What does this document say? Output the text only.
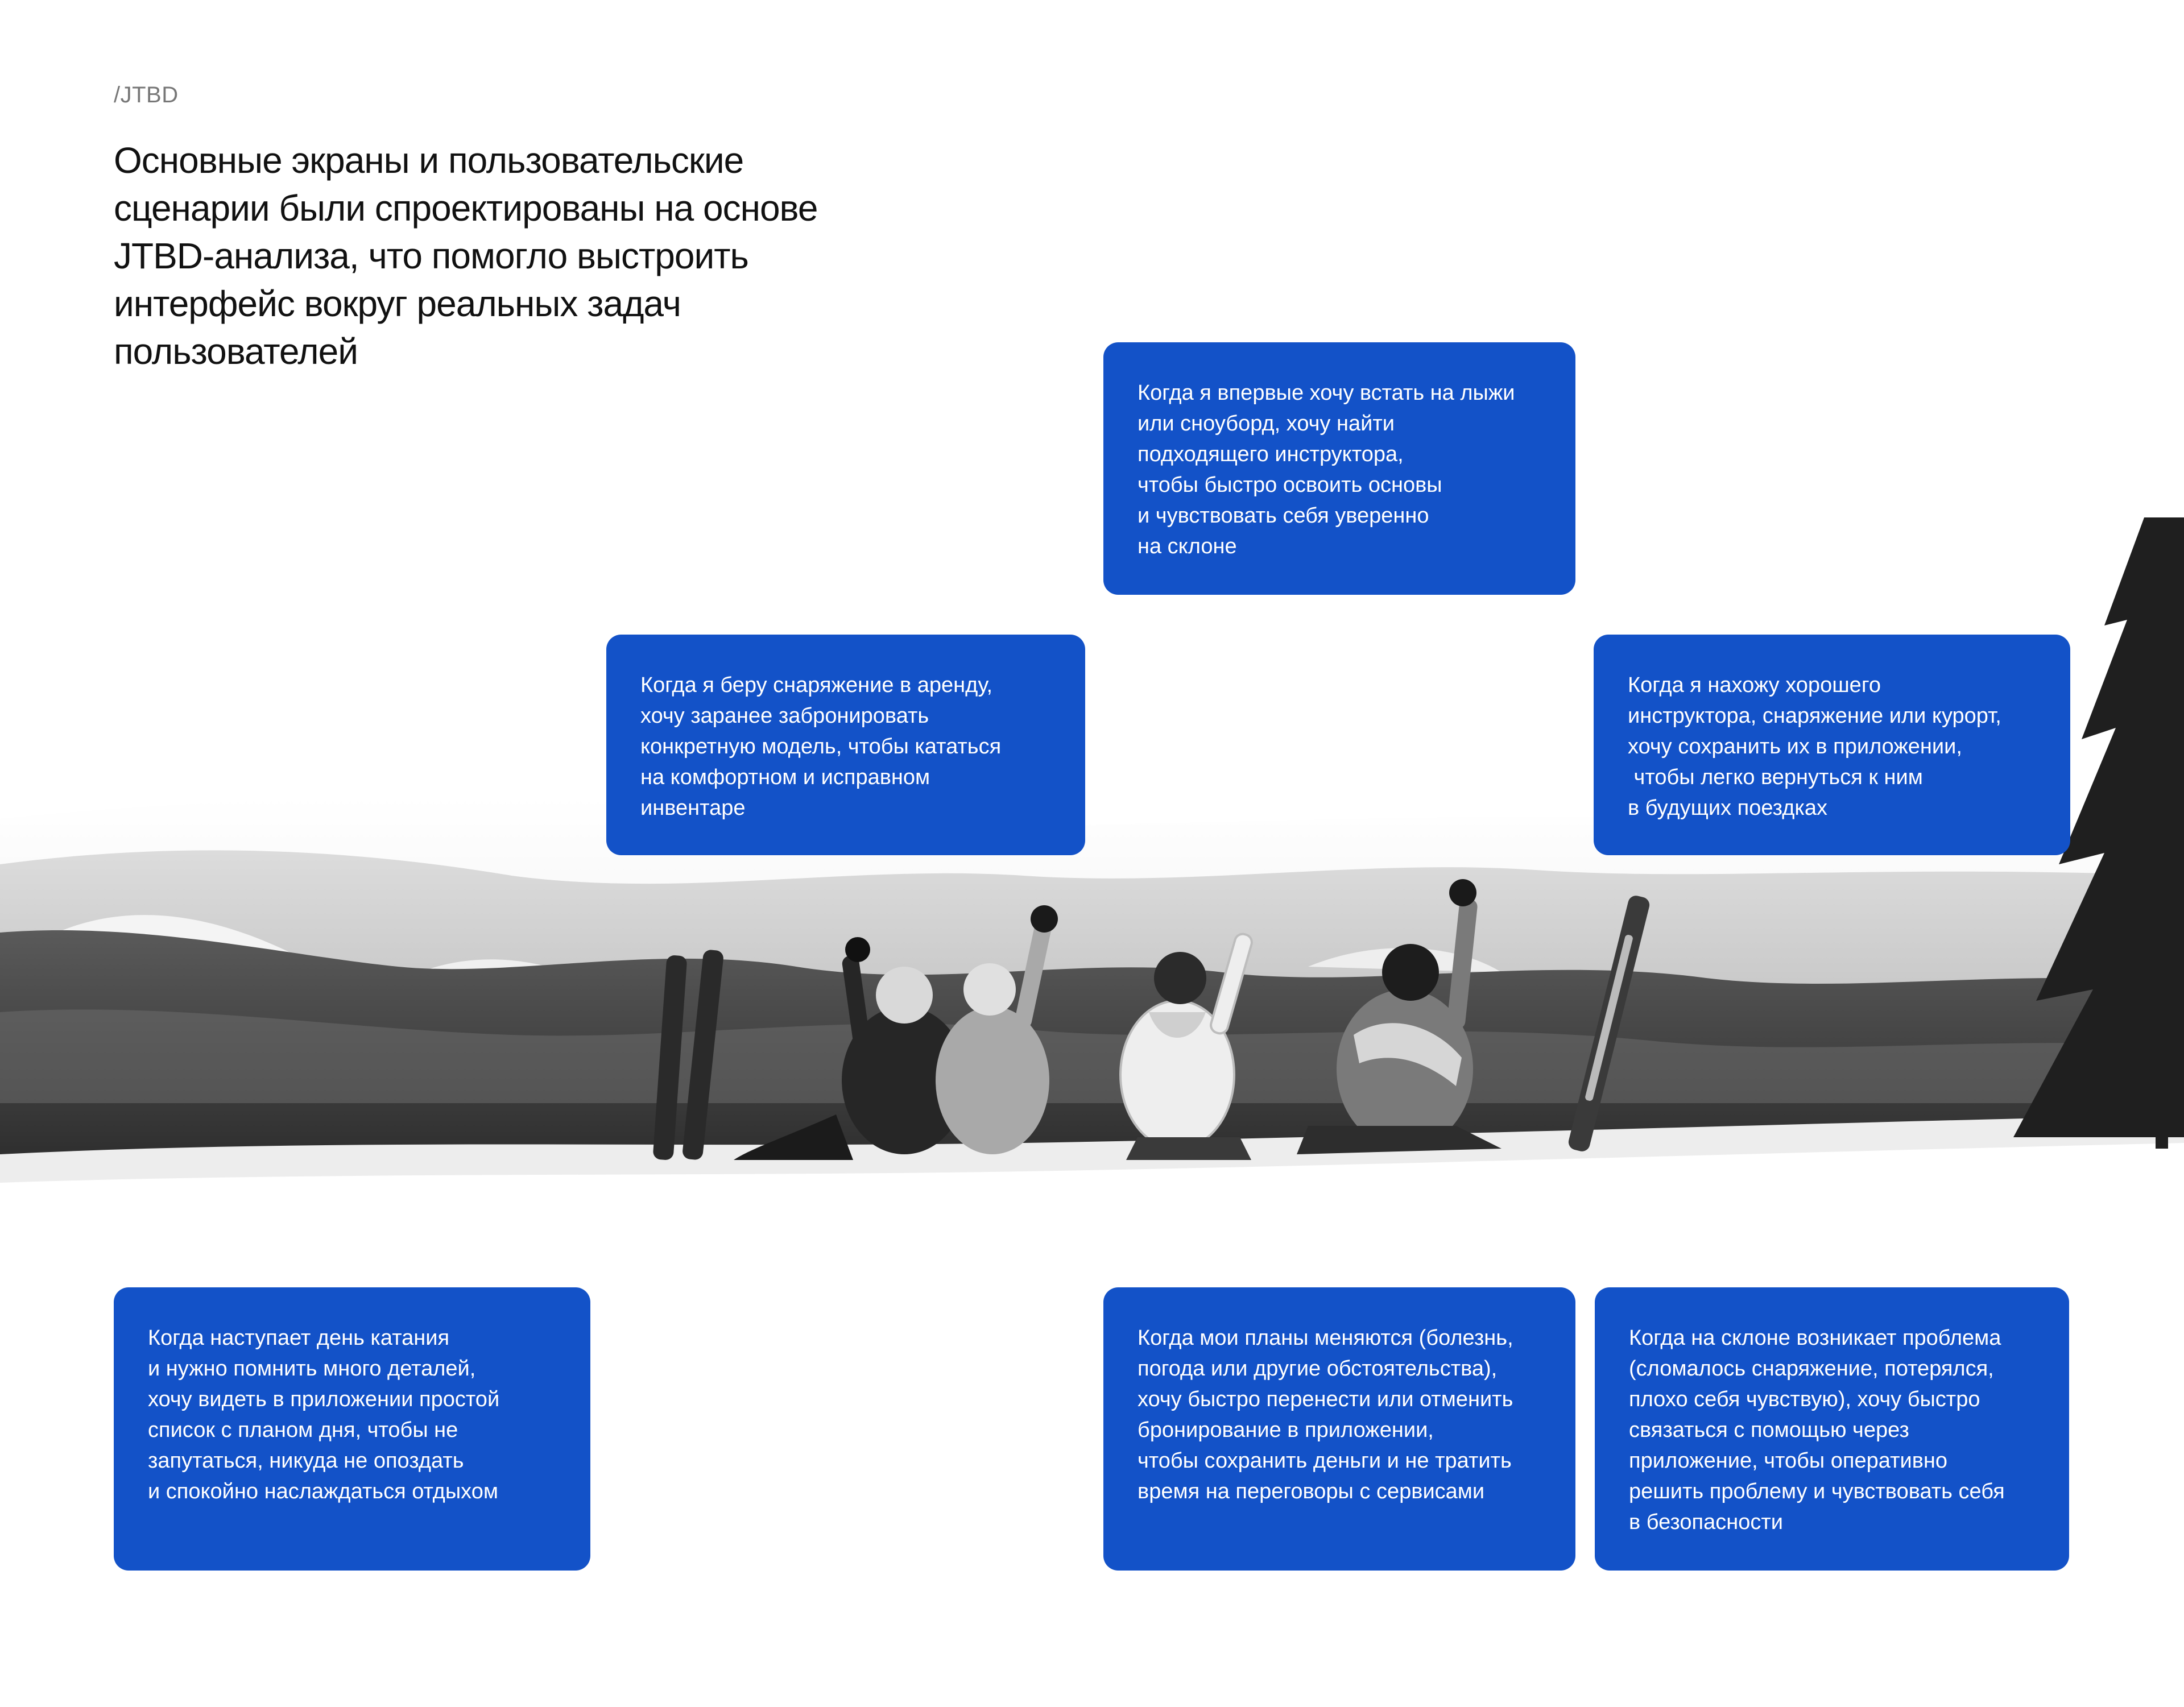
/JTBD
Основные экраны и пользовательские
сценарии были спроектированы на основе
JTBD-анализа, что помогло выстроить
интерфейс вокруг реальных задач
пользователей
Когда я впервые хочу встать на лыжи
или сноуборд, хочу найти
подходящего инструктора,
чтобы быстро освоить основы
и чувствовать себя уверенно
на склоне
Когда я беру снаряжение в аренду,
хочу заранее забронировать
конкретную модель, чтобы кататься
на комфортном и исправном
инвентаре
Когда я нахожу хорошего
инструктора, снаряжение или курорт,
хочу сохранить их в приложении,
чтобы легко вернуться к ним
в будущих поездках
Когда наступает день катания
и нужно помнить много деталей,
хочу видеть в приложении простой
список с планом дня, чтобы не
запутаться, никуда не опоздать
и спокойно наслаждаться отдыхом
Когда мои планы меняются (болезнь,
погода или другие обстоятельства),
хочу быстро перенести или отменить
бронирование в приложении,
чтобы сохранить деньги и не тратить
время на переговоры с сервисами
Когда на склоне возникает проблема
(сломалось снаряжение, потерялся,
плохо себя чувствую), хочу быстро
связаться с помощью через
приложение, чтобы оперативно
решить проблему и чувствовать себя
в безопасности
